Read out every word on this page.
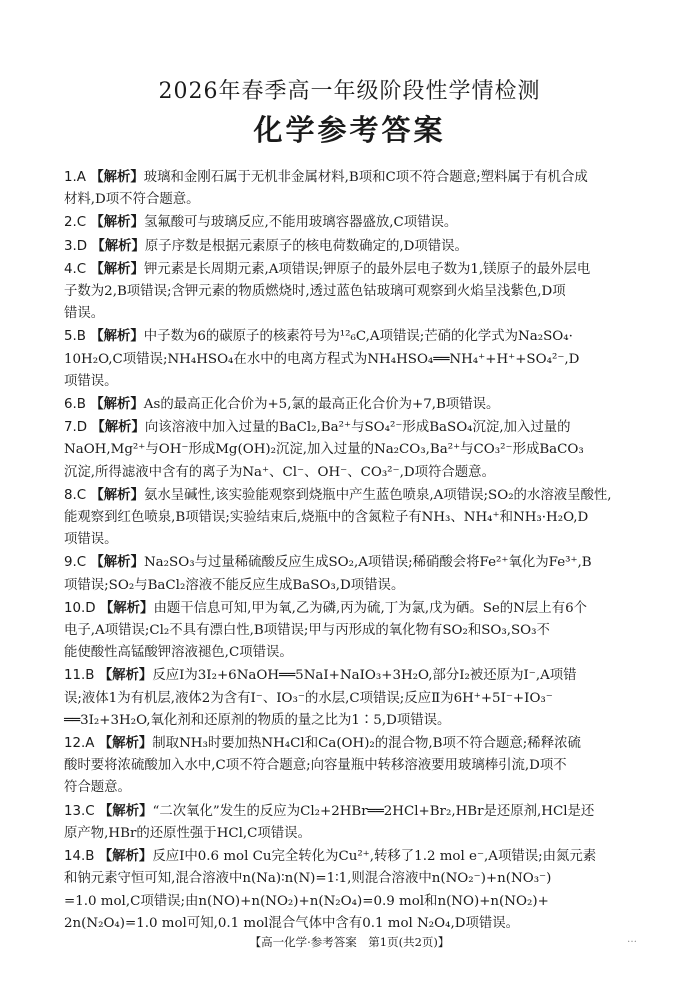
2026年春季高一年级阶段性学情检测
化学参考答案

1.A 【解析】玻璃和金刚石属于无机非金属材料,B项和C项不符合题意;塑料属于有机合成

材料,D项不符合题意。

2.C 【解析】氢氟酸可与玻璃反应,不能用玻璃容器盛放,C项错误。

3.D 【解析】原子序数是根据元素原子的核电荷数确定的,D项错误。

4.C 【解析】钾元素是长周期元素,A项错误;钾原子的最外层电子数为1,镁原子的最外层电

子数为2,B项错误;含钾元素的物质燃烧时,透过蓝色钴玻璃可观察到火焰呈浅紫色,D项

错误。

5.B 【解析】中子数为6的碳原子的核素符号为¹²₆C,A项错误;芒硝的化学式为Na₂SO₄·

10H₂O,C项错误;NH₄HSO₄在水中的电离方程式为NH₄HSO₄══NH₄⁺+H⁺+SO₄²⁻,D

项错误。

6.B 【解析】As的最高正化合价为+5,氯的最高正化合价为+7,B项错误。

7.D 【解析】向该溶液中加入过量的BaCl₂,Ba²⁺与SO₄²⁻形成BaSO₄沉淀,加入过量的

NaOH,Mg²⁺与OH⁻形成Mg(OH)₂沉淀,加入过量的Na₂CO₃,Ba²⁺与CO₃²⁻形成BaCO₃

沉淀,所得滤液中含有的离子为Na⁺、Cl⁻、OH⁻、CO₃²⁻,D项符合题意。

8.C 【解析】氨水呈碱性,该实验能观察到烧瓶中产生蓝色喷泉,A项错误;SO₂的水溶液呈酸性,

能观察到红色喷泉,B项错误;实验结束后,烧瓶中的含氮粒子有NH₃、NH₄⁺和NH₃·H₂O,D

项错误。

9.C 【解析】Na₂SO₃与过量稀硫酸反应生成SO₂,A项错误;稀硝酸会将Fe²⁺氧化为Fe³⁺,B

项错误;SO₂与BaCl₂溶液不能反应生成BaSO₃,D项错误。

10.D 【解析】由题干信息可知,甲为氧,乙为磷,丙为硫,丁为氯,戊为硒。Se的N层上有6个

电子,A项错误;Cl₂不具有漂白性,B项错误;甲与丙形成的氧化物有SO₂和SO₃,SO₃不

能使酸性高锰酸钾溶液褪色,C项错误。

11.B 【解析】反应Ⅰ为3I₂+6NaOH══5NaI+NaIO₃+3H₂O,部分I₂被还原为I⁻,A项错

误;液体1为有机层,液体2为含有I⁻、IO₃⁻的水层,C项错误;反应Ⅱ为6H⁺+5I⁻+IO₃⁻

══3I₂+3H₂O,氧化剂和还原剂的物质的量之比为1∶5,D项错误。

12.A 【解析】制取NH₃时要加热NH₄Cl和Ca(OH)₂的混合物,B项不符合题意;稀释浓硫

酸时要将浓硫酸加入水中,C项不符合题意;向容量瓶中转移溶液要用玻璃棒引流,D项不

符合题意。

13.C 【解析】“二次氧化”发生的反应为Cl₂+2HBr══2HCl+Br₂,HBr是还原剂,HCl是还

原产物,HBr的还原性强于HCl,C项错误。

14.B 【解析】反应Ⅰ中0.6 mol Cu完全转化为Cu²⁺,转移了1.2 mol e⁻,A项错误;由氮元素

和钠元素守恒可知,混合溶液中n(Na)∶n(N)=1∶1,则混合溶液中n(NO₂⁻)+n(NO₃⁻)

=1.0 mol,C项错误;由n(NO)+n(NO₂)+n(N₂O₄)=0.9 mol和n(NO)+n(NO₂)+

2n(N₂O₄)=1.0 mol可知,0.1 mol混合气体中含有0.1 mol N₂O₄,D项错误。

【高一化学·参考答案　第1页(共2页)】	…
